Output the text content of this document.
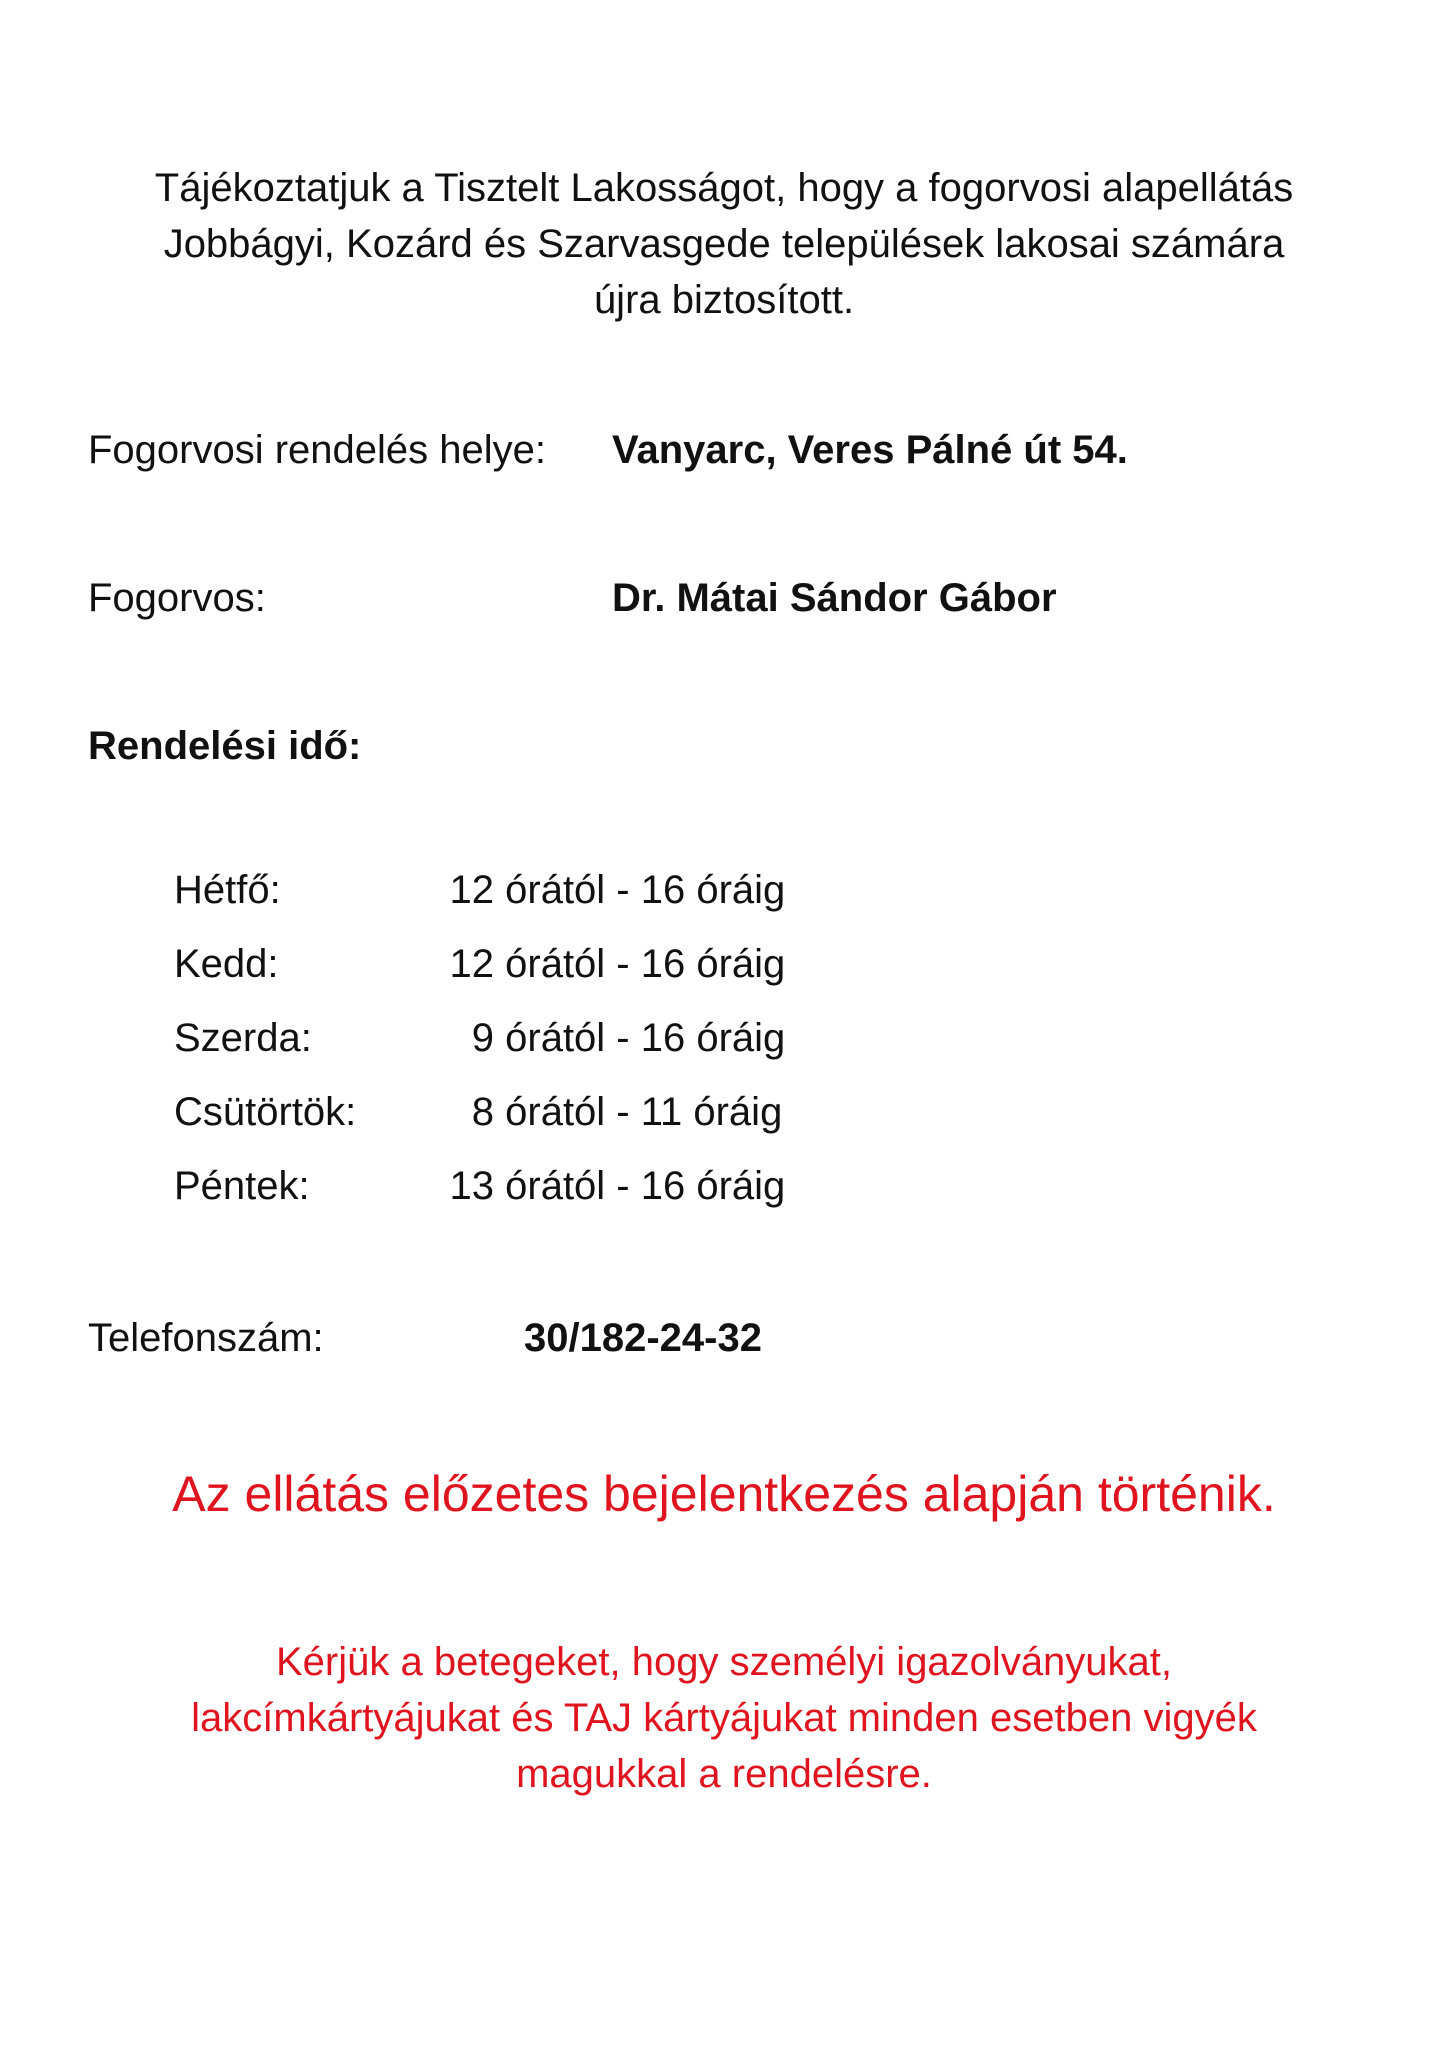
Tájékoztatjuk a Tisztelt Lakosságot, hogy a fogorvosi alapellátás
Jobbágyi, Kozárd és Szarvasgede települések lakosai számára
újra biztosított.
Fogorvosi rendelés helye: Vanyarc, Veres Pálné út 54.
Fogorvos:	Dr. Mátai Sándor Gábor
Rendelési idő:
Hétfő:	12 órától - 16 óráig
Kedd:	12 órától - 16 óráig
Szerda:	9 órától - 16 óráig
Csütörtök:	8 órától - 11 óráig
Péntek:	13 órától - 16 óráig
Telefonszám:	30/182-24-32
Az ellátás előzetes bejelentkezés alapján történik.
Kérjük a betegeket, hogy személyi igazolványukat,
lakcímkártyájukat és TAJ kártyájukat minden esetben vigyék
magukkal a rendelésre.
